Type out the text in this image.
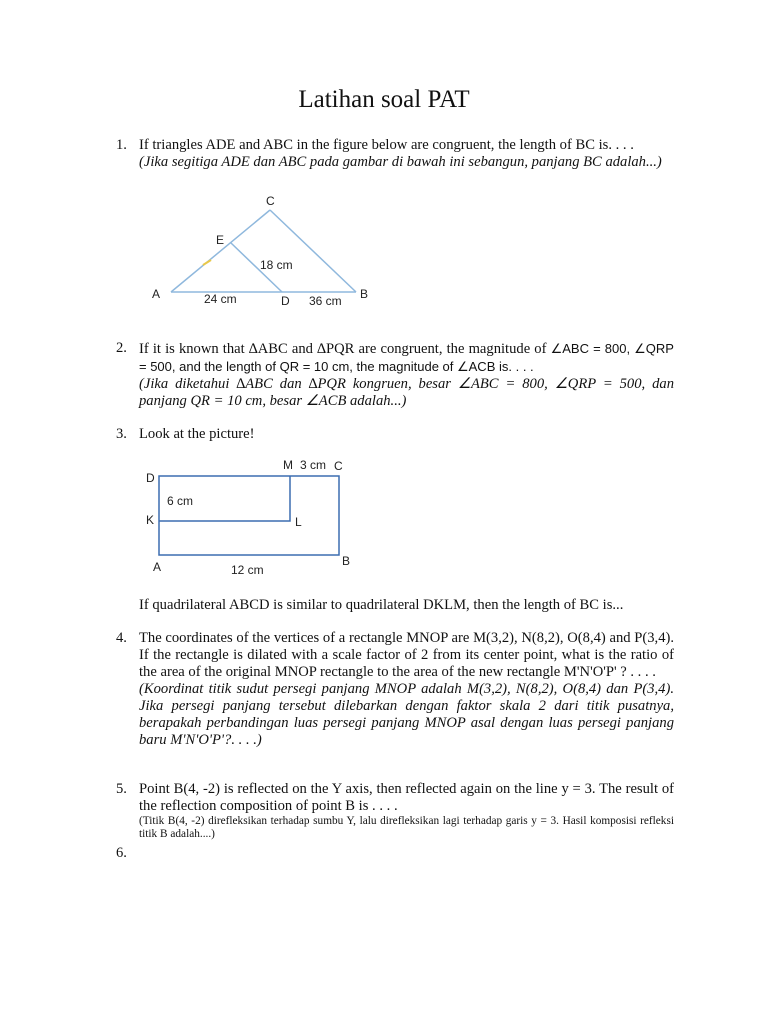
Latihan soal PAT
1. If triangles ADE and ABC in the figure below are congruent, the length of BC is. . . .
(Jika segitiga ADE dan ABC pada gambar di bawah ini sebangun, panjang BC adalah...)
A	B
C
D
E
24 cm	36 cm
18 cm
D
M 3 cm C
6 cm
K	L
A	B
12 cm
2. If it is known that ∆ABC and ∆PQR are congruent, the magnitude of ∠ABC = 800, ∠QRP = 500, and the length of QR = 10 cm, the magnitude of ∠ACB is. . . .
(Jika diketahui ∆ABC dan ∆PQR kongruen, besar ∠ABC = 800, ∠QRP = 500, dan panjang QR = 10 cm, besar ∠ACB adalah...)
3. Look at the picture!
If quadrilateral ABCD is similar to quadrilateral DKLM, then the length of BC is...
4. The coordinates of the vertices of a rectangle MNOP are M(3,2), N(8,2), O(8,4) and P(3,4). If the rectangle is dilated with a scale factor of 2 from its center point, what is the ratio of the area of the original MNOP rectangle to the area of the new rectangle M'N'O'P' ? . . . .
(Koordinat titik sudut persegi panjang MNOP adalah M(3,2), N(8,2), O(8,4) dan P(3,4). Jika persegi panjang tersebut dilebarkan dengan faktor skala 2 dari titik pusatnya, berapakah perbandingan luas persegi panjang MNOP asal dengan luas persegi panjang baru M'N'O'P'?. . . .)
5. Point B(4, -2) is reflected on the Y axis, then reflected again on the line y = 3. The result of the reflection composition of point B is . . . .
(Titik B(4, -2) direfleksikan terhadap sumbu Y, lalu direfleksikan lagi terhadap garis y = 3. Hasil komposisi refleksi titik B adalah....)
6.
